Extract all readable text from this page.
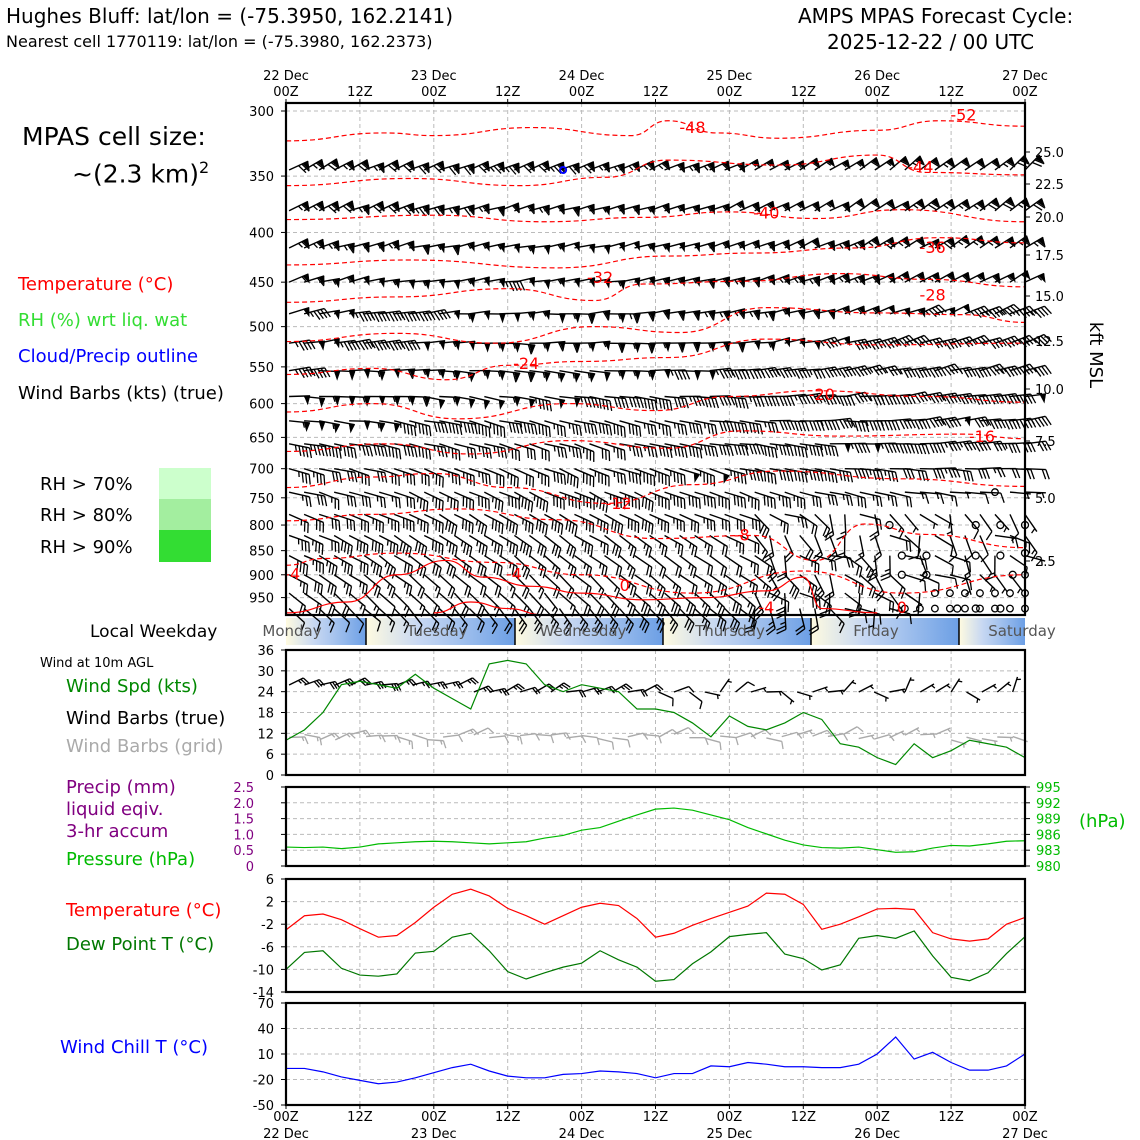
300
350
400
450
500
550
600
650
700
750
800
850
900
950
25.0
22.5
20.0
17.5
15.0
12.5
10.0
7.5
5.0
2.5
kft MSL
-52
-48
-44
-40
-36
-32
-28
-24
-20
-16
-12
-8
-4	-4
0
-4	0
22 Dec
00Z
00Z
22 Dec
12Z
12Z
23 Dec
00Z
00Z
23 Dec
12Z
12Z
24 Dec
00Z
00Z
24 Dec
12Z
12Z
25 Dec
00Z
00Z
25 Dec
12Z
12Z
26 Dec
00Z
00Z
26 Dec
12Z
12Z
27 Dec
00Z
00Z
27 Dec
Monday	Tuesday	Wednesday	Thursday	Friday	Saturday
0
6
12
18
24
30
36
0
0.5
1.0
1.5
2.0
2.5	995
992
989
986
983
980
(hPa)
6
2
-2
-6
-10
-14
70
40
10
-20
-50
Hughes Bluff: lat/lon = (-75.3950, 162.2141)
Nearest cell 1770119: lat/lon = (-75.3980, 162.2373)
AMPS MPAS Forecast Cycle:
2025-12-22 / 00 UTC
MPAS cell size:
~(2.3 km)$^2$
Temperature (°C)
RH (%) wrt liq. wat
Cloud/Precip outline
Wind Barbs (kts) (true)
RH > 70%
RH > 80%
RH > 90%
Local Weekday
Wind at 10m AGL
Wind Spd (kts)
Wind Barbs (true)
Wind Barbs (grid)
Precip (mm)
liquid eqiv.
3-hr accum
Pressure (hPa)
Temperature (°C)
Dew Point T (°C)
Wind Chill T (°C)
